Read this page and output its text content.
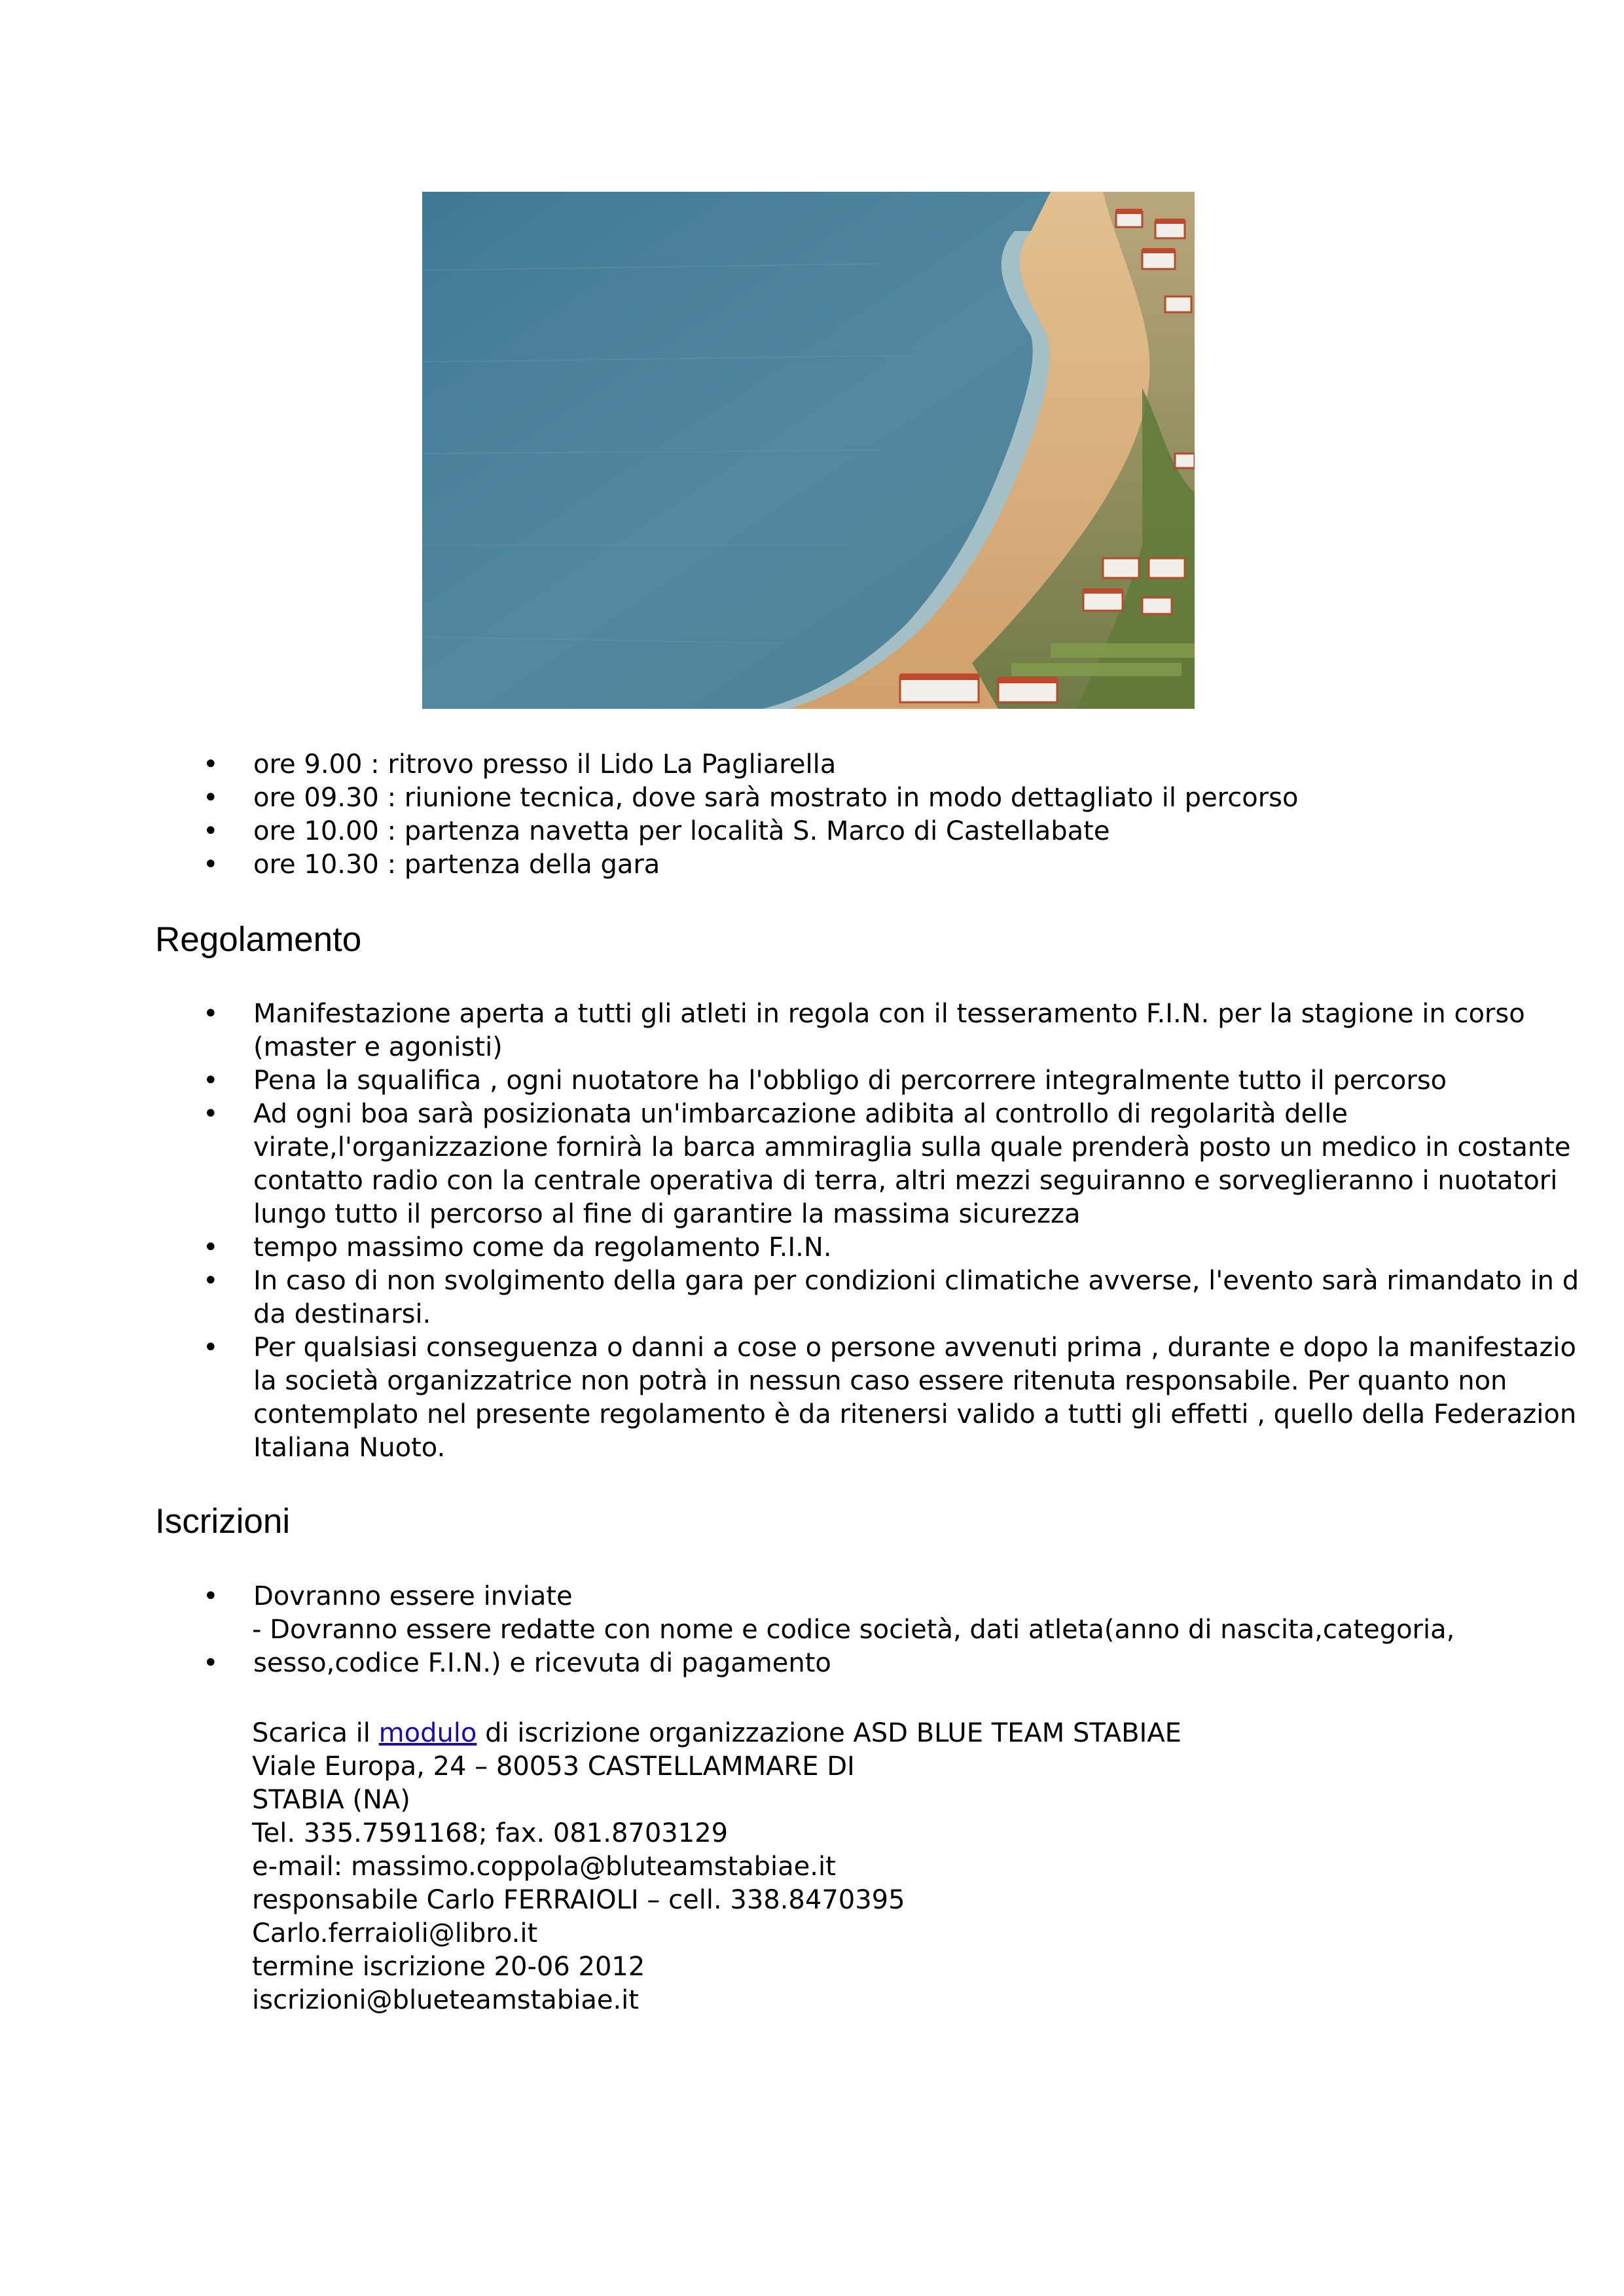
• ore 9.00 : ritrovo presso il Lido La Pagliarella
• ore 09.30 : riunione tecnica, dove sarà mostrato in modo dettagliato il percorso
• ore 10.00 : partenza navetta per località S. Marco di Castellabate
• ore 10.30 : partenza della gara
Regolamento
• Manifestazione aperta a tutti gli atleti in regola con il tesseramento F.I.N. per la stagione in corso
(master e agonisti)
• Pena la squalifica , ogni nuotatore ha l'obbligo di percorrere integralmente tutto il percorso
• Ad ogni boa sarà posizionata un'imbarcazione adibita al controllo di regolarità delle
virate,l'organizzazione fornirà la barca ammiraglia sulla quale prenderà posto un medico in costante
contatto radio con la centrale operativa di terra, altri mezzi seguiranno e sorveglieranno i nuotatori
lungo tutto il percorso al fine di garantire la massima sicurezza
• tempo massimo come da regolamento F.I.N.
• In caso di non svolgimento della gara per condizioni climatiche avverse, l'evento sarà rimandato in d
da destinarsi.
• Per qualsiasi conseguenza o danni a cose o persone avvenuti prima , durante e dopo la manifestazio
la società organizzatrice non potrà in nessun caso essere ritenuta responsabile. Per quanto non
contemplato nel presente regolamento è da ritenersi valido a tutti gli effetti , quello della Federazion
Italiana Nuoto.
Iscrizioni
• Dovranno essere inviate
- Dovranno essere redatte con nome e codice società, dati atleta(anno di nascita,categoria,
• sesso,codice F.I.N.) e ricevuta di pagamento
Scarica il modulo di iscrizione organizzazione ASD BLUE TEAM STABIAE
Viale Europa, 24 – 80053 CASTELLAMMARE DI
STABIA (NA)
Tel. 335.7591168; fax. 081.8703129
e-mail: massimo.coppola@bluteamstabiae.it
responsabile Carlo FERRAIOLI – cell. 338.8470395
Carlo.ferraioli@libro.it
termine iscrizione 20-06 2012
iscrizioni@blueteamstabiae.it
